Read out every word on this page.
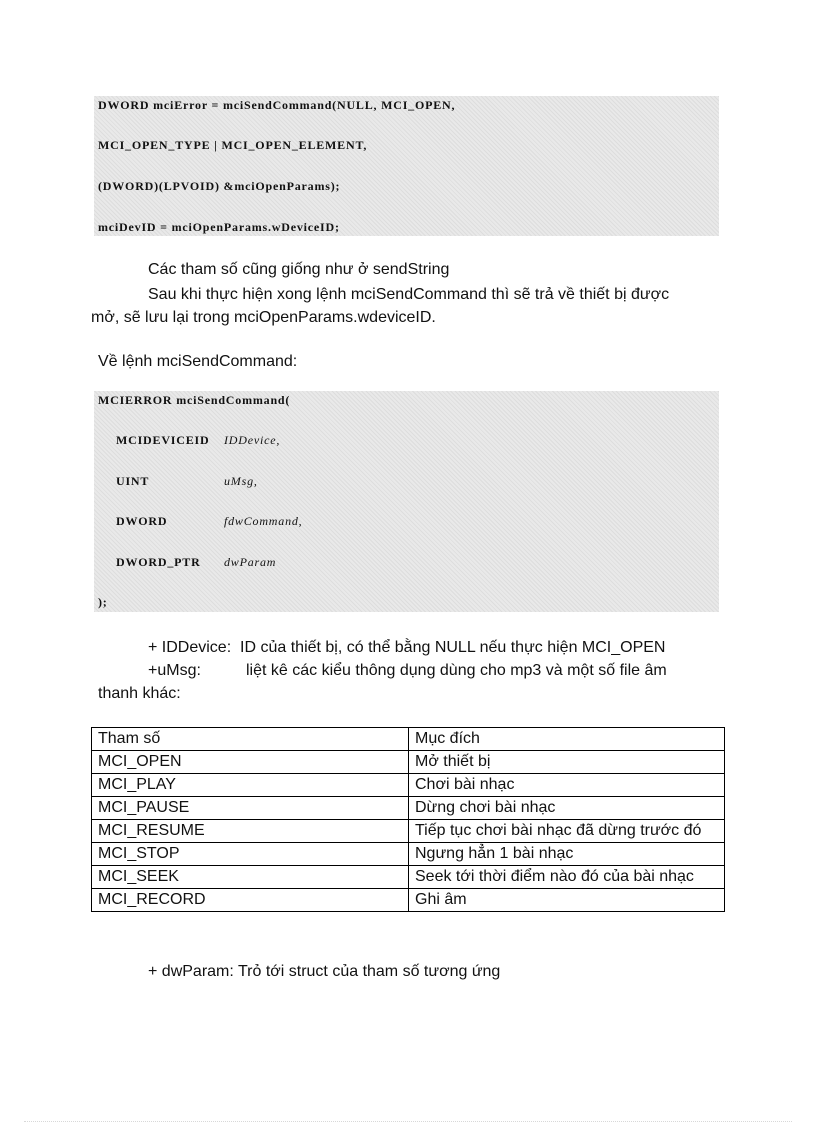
DWORD mciError = mciSendCommand(NULL, MCI_OPEN,
MCI_OPEN_TYPE | MCI_OPEN_ELEMENT,
(DWORD)(LPVOID) &mciOpenParams);
mciDevID = mciOpenParams.wDeviceID;

Các tham số cũng giống như ở sendString

Sau khi thực hiện xong lệnh mciSendCommand thì sẽ trả về thiết bị được

mở, sẽ lưu lại trong mciOpenParams.wdeviceID.

Về lệnh mciSendCommand:

MCIERROR mciSendCommand(
MCIDEVICEID IDDevice,
UINT	uMsg,
DWORD	fdwCommand,
DWORD_PTR dwParam
);

+ IDDevice:  ID của thiết bị, có thể bằng NULL nếu thực hiện MCI_OPEN

+uMsg:	liệt kê các kiểu thông dụng dùng cho mp3 và một số file âm

thanh khác:

Tham số	Mục đích
MCI_OPEN	Mở thiết bị
MCI_PLAY	Chơi bài nhạc
MCI_PAUSE	Dừng chơi bài nhạc
MCI_RESUME	Tiếp tục chơi bài nhạc đã dừng trước đó
MCI_STOP	Ngưng hẳn 1 bài nhạc
MCI_SEEK	Seek tới thời điểm nào đó của bài nhạc
MCI_RECORD	Ghi âm

+ dwParam: Trỏ tới struct của tham số tương ứng
